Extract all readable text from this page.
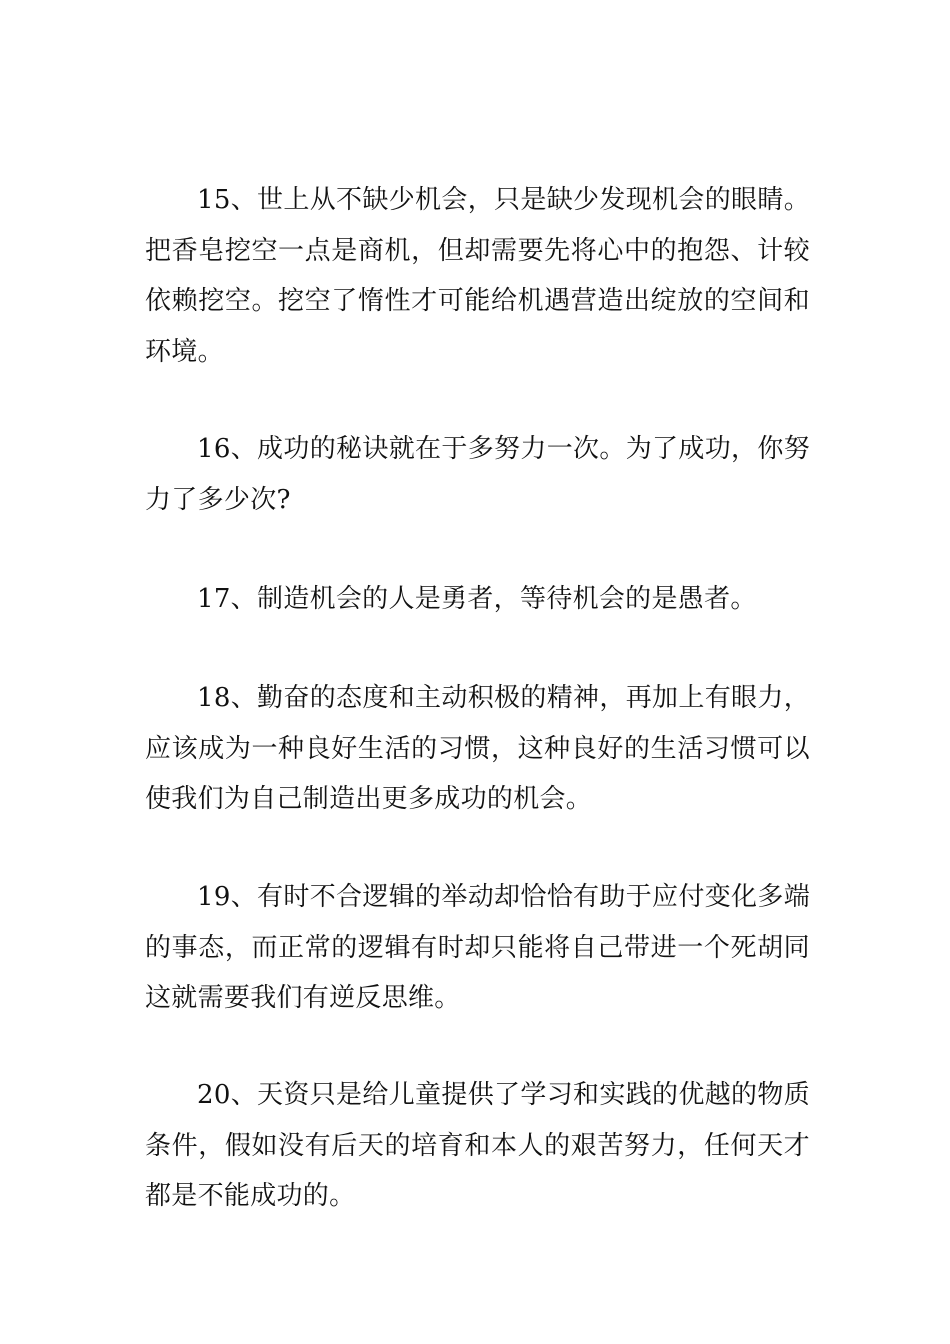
15、世上从不缺少机会，只是缺少发现机会的眼睛。把香皂挖空一点是商机，但却需要先将心中的抱怨、计较依赖挖空。挖空了惰性才可能给机遇营造出绽放的空间和环境。

16、成功的秘诀就在于多努力一次。为了成功，你努力了多少次?

17、制造机会的人是勇者，等待机会的是愚者。

18、勤奋的态度和主动积极的精神，再加上有眼力，应该成为一种良好生活的习惯，这种良好的生活习惯可以使我们为自己制造出更多成功的机会。

19、有时不合逻辑的举动却恰恰有助于应付变化多端的事态，而正常的逻辑有时却只能将自己带进一个死胡同这就需要我们有逆反思维。

20、天资只是给儿童提供了学习和实践的优越的物质条件，假如没有后天的培育和本人的艰苦努力，任何天才都是不能成功的。
